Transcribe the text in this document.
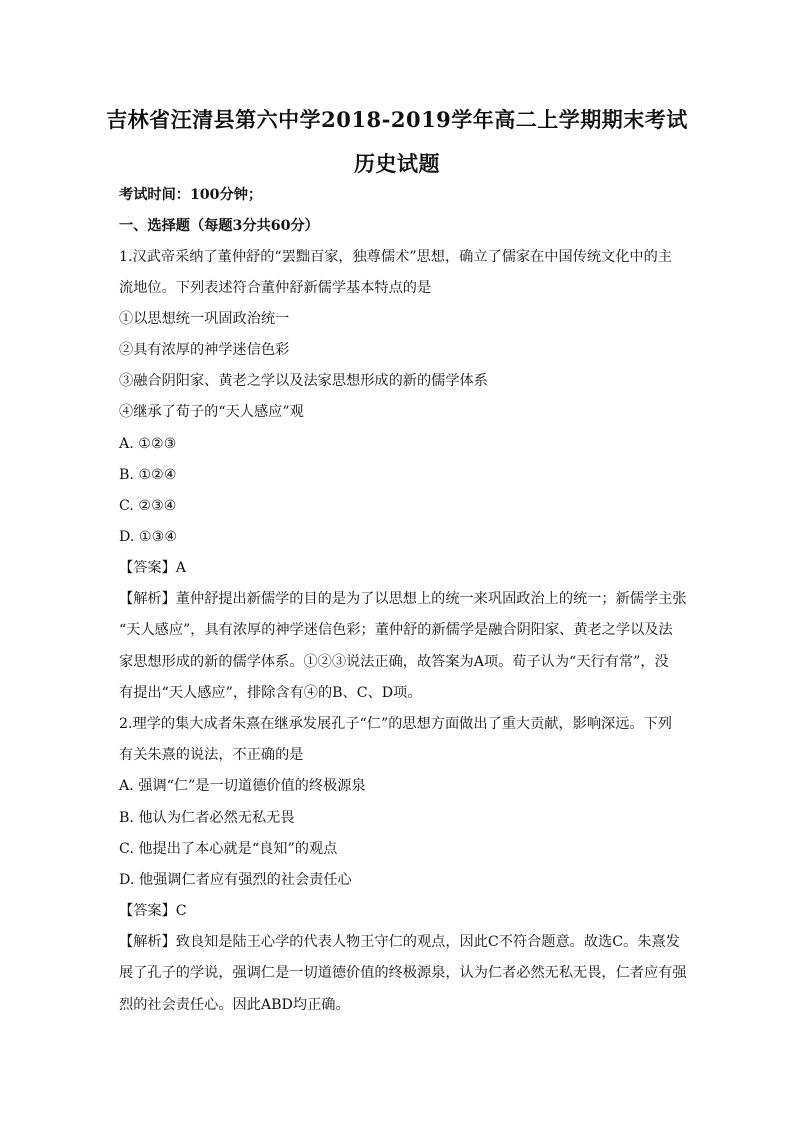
吉林省汪清县第六中学2018-2019学年高二上学期期末考试
历史试题
考试时间：100分钟；
一、选择题（每题3分共60分）
1.汉武帝采纳了董仲舒的“罢黜百家，独尊儒术”思想，确立了儒家在中国传统文化中的主
流地位。下列表述符合董仲舒新儒学基本特点的是
①以思想统一巩固政治统一
②具有浓厚的神学迷信色彩
③融合阴阳家、黄老之学以及法家思想形成的新的儒学体系
④继承了荀子的“天人感应”观
A. ①②③
B. ①②④
C. ②③④
D. ①③④
【答案】A
【解析】董仲舒提出新儒学的目的是为了以思想上的统一来巩固政治上的统一；新儒学主张
“天人感应”，具有浓厚的神学迷信色彩；董仲舒的新儒学是融合阴阳家、黄老之学以及法
家思想形成的新的儒学体系。①②③说法正确，故答案为A项。荀子认为“天行有常”，没
有提出“天人感应”，排除含有④的B、C、D项。
2.理学的集大成者朱熹在继承发展孔子“仁”的思想方面做出了重大贡献，影响深远。下列
有关朱熹的说法，不正确的是
A. 强调“仁”是一切道德价值的终极源泉
B. 他认为仁者必然无私无畏
C. 他提出了本心就是“良知”的观点
D. 他强调仁者应有强烈的社会责任心
【答案】C
【解析】致良知是陆王心学的代表人物王守仁的观点，因此C不符合题意。故选C。朱熹发
展了孔子的学说，强调仁是一切道德价值的终极源泉，认为仁者必然无私无畏，仁者应有强
烈的社会责任心。因此ABD均正确。
